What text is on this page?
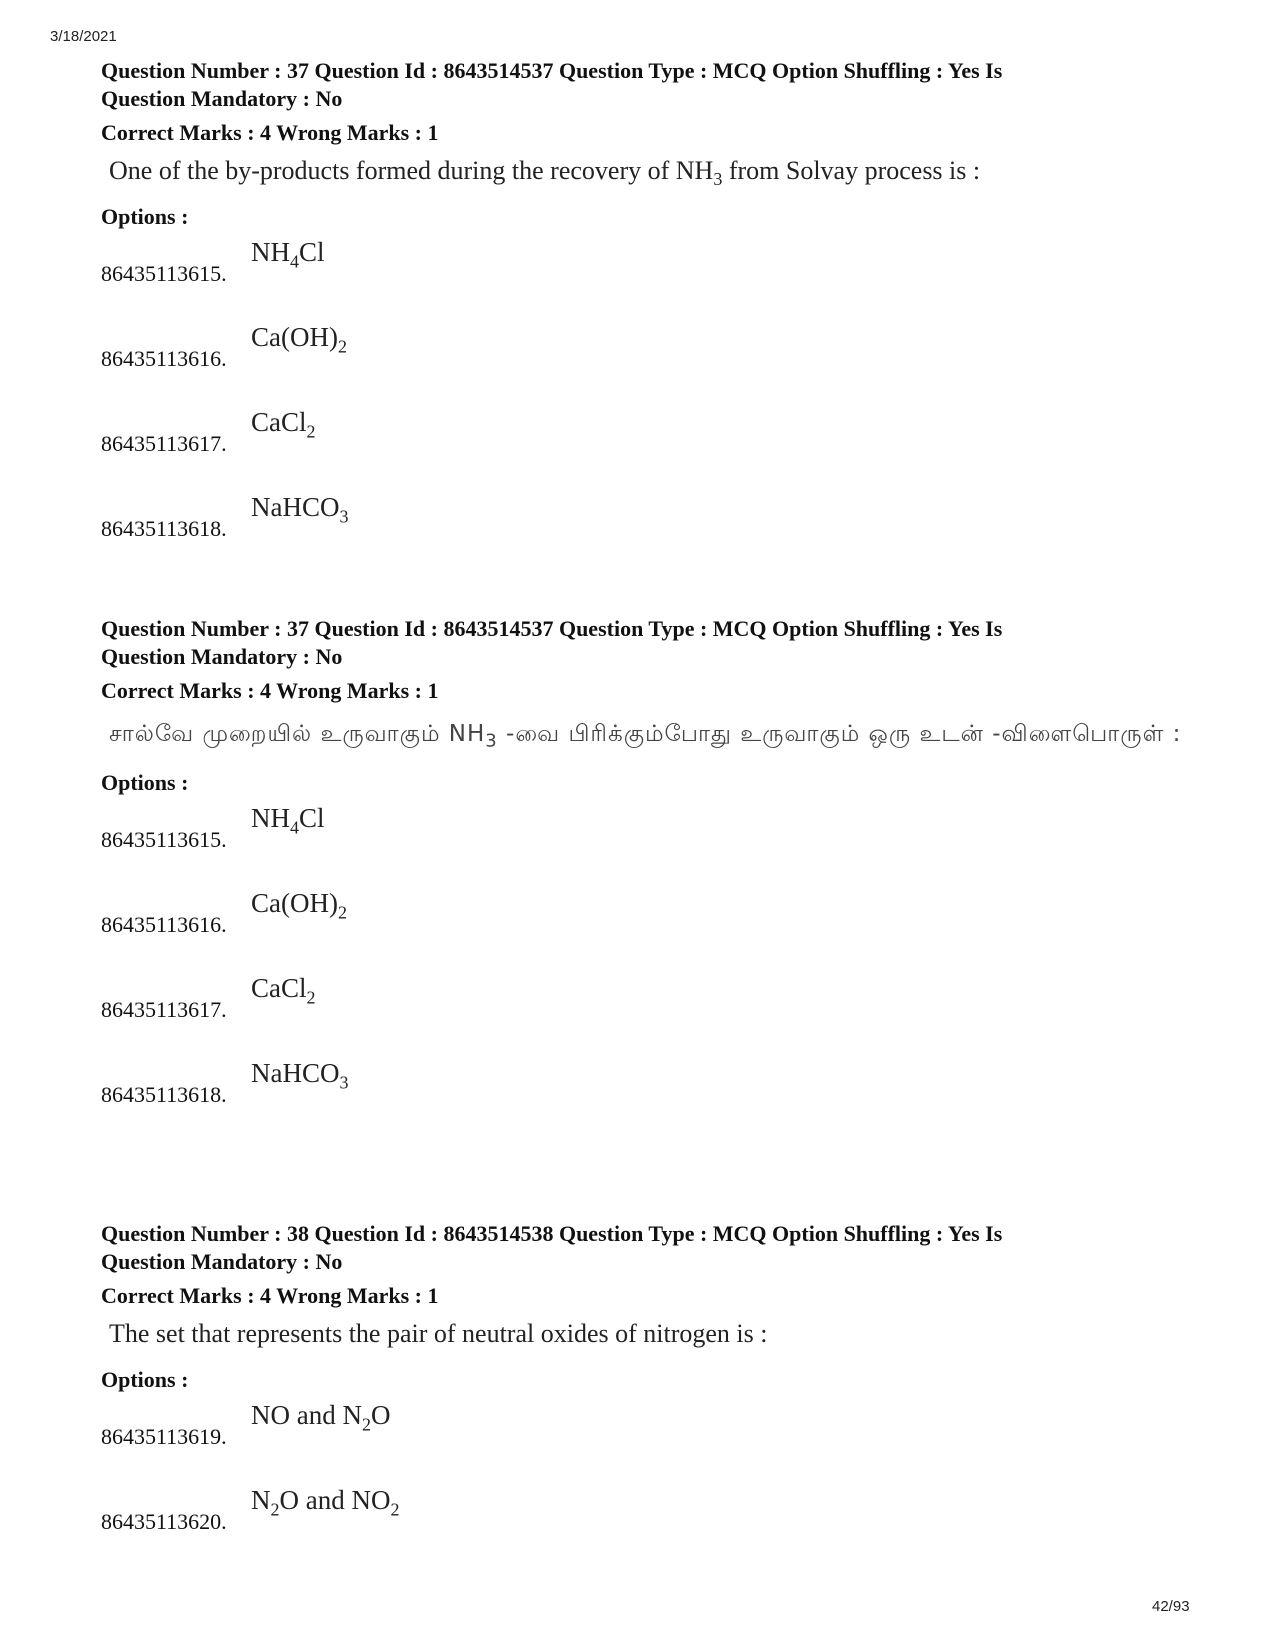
3/18/2021
Question Number : 37 Question Id : 8643514537 Question Type : MCQ Option Shuffling : Yes Is
Question Mandatory : No
Correct Marks : 4 Wrong Marks : 1
One of the by-products formed during the recovery of $NH_3$ from Solvay process is :
Options :
86435113615.
$NH_4Cl$
86435113616.
$Ca(OH)_2$
86435113617.
CaCl$_2$
86435113618.
NaHCO$_3$
Question Number : 37 Question Id : 8643514537 Question Type : MCQ Option Shuffling : Yes Is
Question Mandatory : No
Correct Marks : 4 Wrong Marks : 1
சால்வே முறையில் உருவாகும் $NH_3$ -வை பிரிக்கும்போது உருவாகும் ஒரு உடன் -விளைபொருள் :
Options :
86435113615.
$NH_4Cl$
86435113616.
$Ca(OH)_2$
86435113617.
CaCl$_2$
86435113618.
NaHCO$_3$
Question Number : 38 Question Id : 8643514538 Question Type : MCQ Option Shuffling : Yes Is
Question Mandatory : No
Correct Marks : 4 Wrong Marks : 1
The set that represents the pair of neutral oxides of nitrogen is :
Options :
86435113619.
NO and $N_2O$
86435113620.
$N_2O$ and $NO_2$
42/93
